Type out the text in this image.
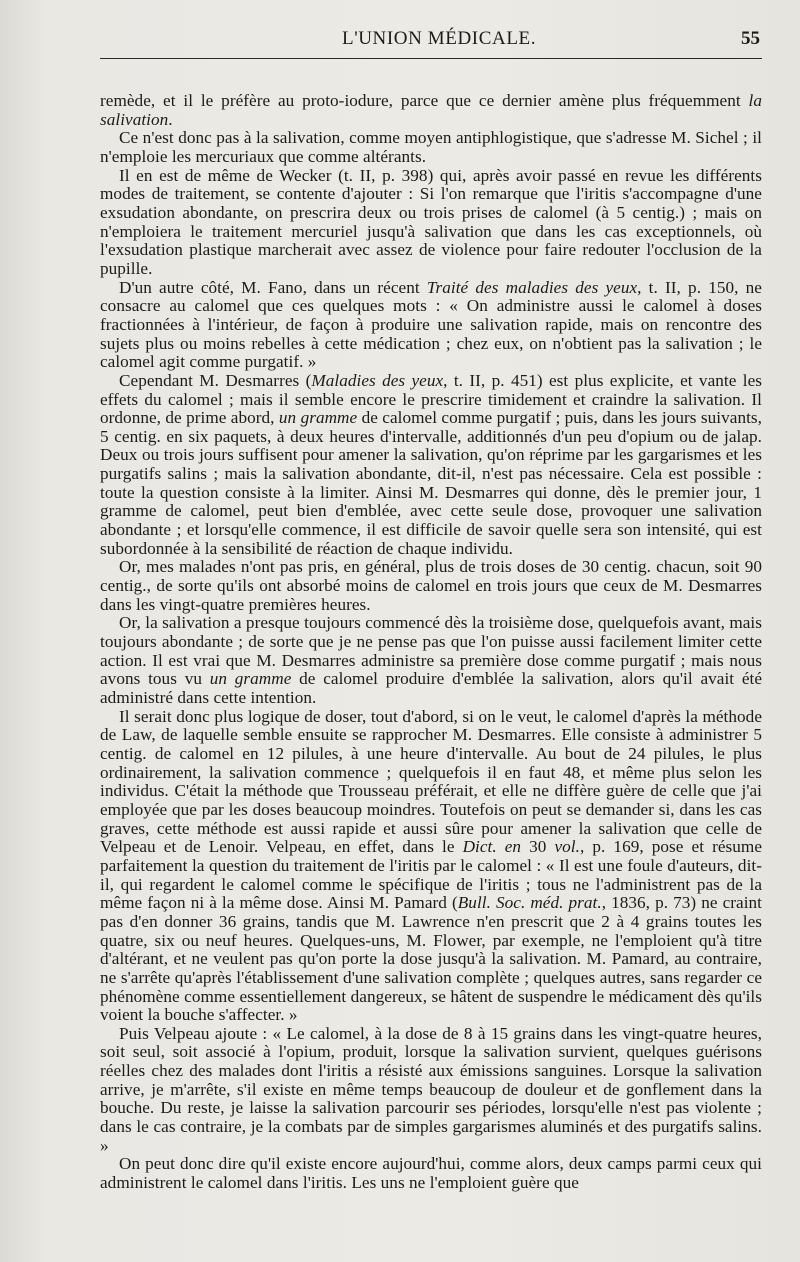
L'UNION MÉDICALE.	55

remède, et il le préfère au proto-iodure, parce que ce dernier amène plus fréquemment la salivation.

Ce n'est donc pas à la salivation, comme moyen antiphlogistique, que s'adresse M. Sichel ; il n'emploie les mercuriaux que comme altérants.

Il en est de même de Wecker (t. II, p. 398) qui, après avoir passé en revue les différents modes de traitement, se contente d'ajouter : Si l'on remarque que l'iritis s'accompagne d'une exsudation abondante, on prescrira deux ou trois prises de calomel (à 5 centig.) ; mais on n'emploiera le traitement mercuriel jusqu'à salivation que dans les cas exceptionnels, où l'exsudation plastique marcherait avec assez de violence pour faire redouter l'occlusion de la pupille.

D'un autre côté, M. Fano, dans un récent Traité des maladies des yeux, t. II, p. 150, ne consacre au calomel que ces quelques mots : « On administre aussi le calomel à doses fractionnées à l'intérieur, de façon à produire une salivation rapide, mais on rencontre des sujets plus ou moins rebelles à cette médication ; chez eux, on n'obtient pas la salivation ; le calomel agit comme purgatif. »

Cependant M. Desmarres (Maladies des yeux, t. II, p. 451) est plus explicite, et vante les effets du calomel ; mais il semble encore le prescrire timidement et craindre la salivation. Il ordonne, de prime abord, un gramme de calomel comme purgatif ; puis, dans les jours suivants, 5 centig. en six paquets, à deux heures d'intervalle, additionnés d'un peu d'opium ou de jalap. Deux ou trois jours suffisent pour amener la salivation, qu'on réprime par les gargarismes et les purgatifs salins ; mais la salivation abondante, dit-il, n'est pas nécessaire. Cela est possible : toute la question consiste à la limiter. Ainsi M. Desmarres qui donne, dès le premier jour, 1 gramme de calomel, peut bien d'emblée, avec cette seule dose, provoquer une salivation abondante ; et lorsqu'elle commence, il est difficile de savoir quelle sera son intensité, qui est subordonnée à la sensibilité de réaction de chaque individu.

Or, mes malades n'ont pas pris, en général, plus de trois doses de 30 centig. chacun, soit 90 centig., de sorte qu'ils ont absorbé moins de calomel en trois jours que ceux de M. Desmarres dans les vingt-quatre premières heures.

Or, la salivation a presque toujours commencé dès la troisième dose, quelquefois avant, mais toujours abondante ; de sorte que je ne pense pas que l'on puisse aussi facilement limiter cette action. Il est vrai que M. Desmarres administre sa première dose comme purgatif ; mais nous avons tous vu un gramme de calomel produire d'emblée la salivation, alors qu'il avait été administré dans cette intention.

Il serait donc plus logique de doser, tout d'abord, si on le veut, le calomel d'après la méthode de Law, de laquelle semble ensuite se rapprocher M. Desmarres. Elle consiste à administrer 5 centig. de calomel en 12 pilules, à une heure d'intervalle. Au bout de 24 pilules, le plus ordinairement, la salivation commence ; quelquefois il en faut 48, et même plus selon les individus. C'était la méthode que Trousseau préférait, et elle ne diffère guère de celle que j'ai employée que par les doses beaucoup moindres. Toutefois on peut se demander si, dans les cas graves, cette méthode est aussi rapide et aussi sûre pour amener la salivation que celle de Velpeau et de Lenoir. Velpeau, en effet, dans le Dict. en 30 vol., p. 169, pose et résume parfaitement la question du traitement de l'iritis par le calomel : « Il est une foule d'auteurs, dit-il, qui regardent le calomel comme le spécifique de l'iritis ; tous ne l'administrent pas de la même façon ni à la même dose. Ainsi M. Pamard (Bull. Soc. méd. prat., 1836, p. 73) ne craint pas d'en donner 36 grains, tandis que M. Lawrence n'en prescrit que 2 à 4 grains toutes les quatre, six ou neuf heures. Quelques-uns, M. Flower, par exemple, ne l'emploient qu'à titre d'altérant, et ne veulent pas qu'on porte la dose jusqu'à la salivation. M. Pamard, au contraire, ne s'arrête qu'après l'établissement d'une salivation complète ; quelques autres, sans regarder ce phénomène comme essentiellement dangereux, se hâtent de suspendre le médicament dès qu'ils voient la bouche s'affecter. »

Puis Velpeau ajoute : « Le calomel, à la dose de 8 à 15 grains dans les vingt-quatre heures, soit seul, soit associé à l'opium, produit, lorsque la salivation survient, quelques guérisons réelles chez des malades dont l'iritis a résisté aux émissions sanguines. Lorsque la salivation arrive, je m'arrête, s'il existe en même temps beaucoup de douleur et de gonflement dans la bouche. Du reste, je laisse la salivation parcourir ses périodes, lorsqu'elle n'est pas violente ; dans le cas contraire, je la combats par de simples gargarismes aluminés et des purgatifs salins. »

On peut donc dire qu'il existe encore aujourd'hui, comme alors, deux camps parmi ceux qui administrent le calomel dans l'iritis. Les uns ne l'emploient guère que
